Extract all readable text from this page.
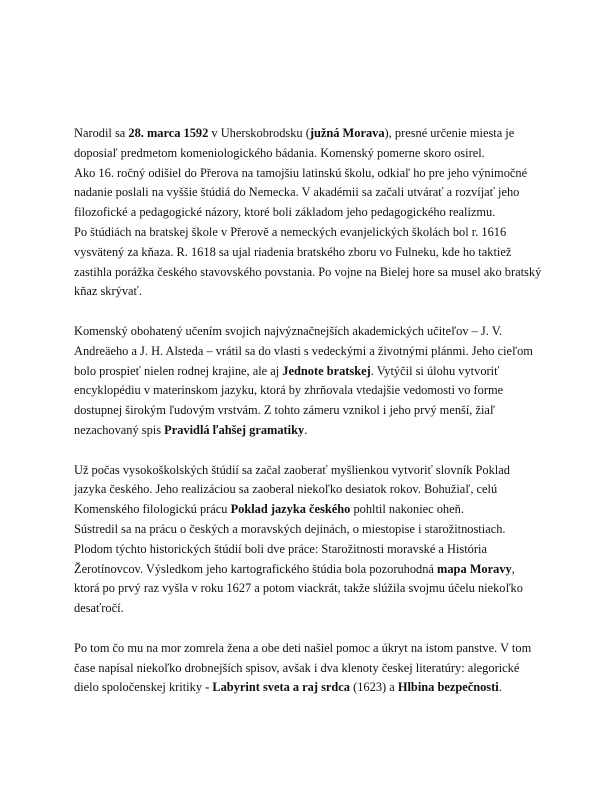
Narodil sa 28. marca 1592 v Uherskobrodsku (južná Morava), presné určenie miesta je
doposiaľ predmetom komeniologického bádania. Komenský pomerne skoro osirel.
Ako 16. ročný odišiel do Přerova na tamojšiu latinskú školu, odkiaľ ho pre jeho výnimočné
nadanie poslali na vyššie štúdiá do Nemecka. V akadémii sa začali utvárať a rozvíjať jeho
filozofické a pedagogické názory, ktoré boli základom jeho pedagogického realizmu.
Po štúdiách na bratskej škole v Přerově a nemeckých evanjelických školách bol r. 1616
vysvätený za kňaza. R. 1618 sa ujal riadenia bratského zboru vo Fulneku, kde ho taktiež
zastihla porážka českého stavovského povstania. Po vojne na Bielej hore sa musel ako bratský
kňaz skrývať.
Komenský obohatený učením svojich najvýznačnejších akademických učiteľov – J. V.
Andreäeho a J. H. Alsteda – vrátil sa do vlasti s vedeckými a životnými plánmi. Jeho cieľom
bolo prospieť nielen rodnej krajine, ale aj Jednote bratskej. Vytýčil si úlohu vytvoriť
encyklopédiu v materinskom jazyku, ktorá by zhrňovala vtedajšie vedomosti vo forme
dostupnej širokým ľudovým vrstvám. Z tohto zámeru vznikol i jeho prvý menší, žiaľ
nezachovaný spis Pravidlá ľahšej gramatiky.
Už počas vysokoškolských štúdií sa začal zaoberať myšlienkou vytvoriť slovník Poklad
jazyka českého. Jeho realizáciou sa zaoberal niekoľko desiatok rokov. Bohužiaľ, celú
Komenského filologickú prácu Poklad jazyka českého pohltil nakoniec oheň.
Sústredil sa na prácu o českých a moravských dejinách, o miestopise i starožitnostiach.
Plodom týchto historických štúdií boli dve práce: Starožitnosti moravské a História
Žerotínovcov. Výsledkom jeho kartografického štúdia bola pozoruhodná mapa Moravy,
ktorá po prvý raz vyšla v roku 1627 a potom viackrát, takže slúžila svojmu účelu niekoľko
desaťročí.
Po tom čo mu na mor zomrela žena a obe deti našiel pomoc a úkryt na istom panstve. V tom
čase napísal niekoľko drobnejších spisov, avšak i dva klenoty českej literatúry: alegorické
dielo spoločenskej kritiky - Labyrint sveta a raj srdca (1623) a Hlbina bezpečnosti.
